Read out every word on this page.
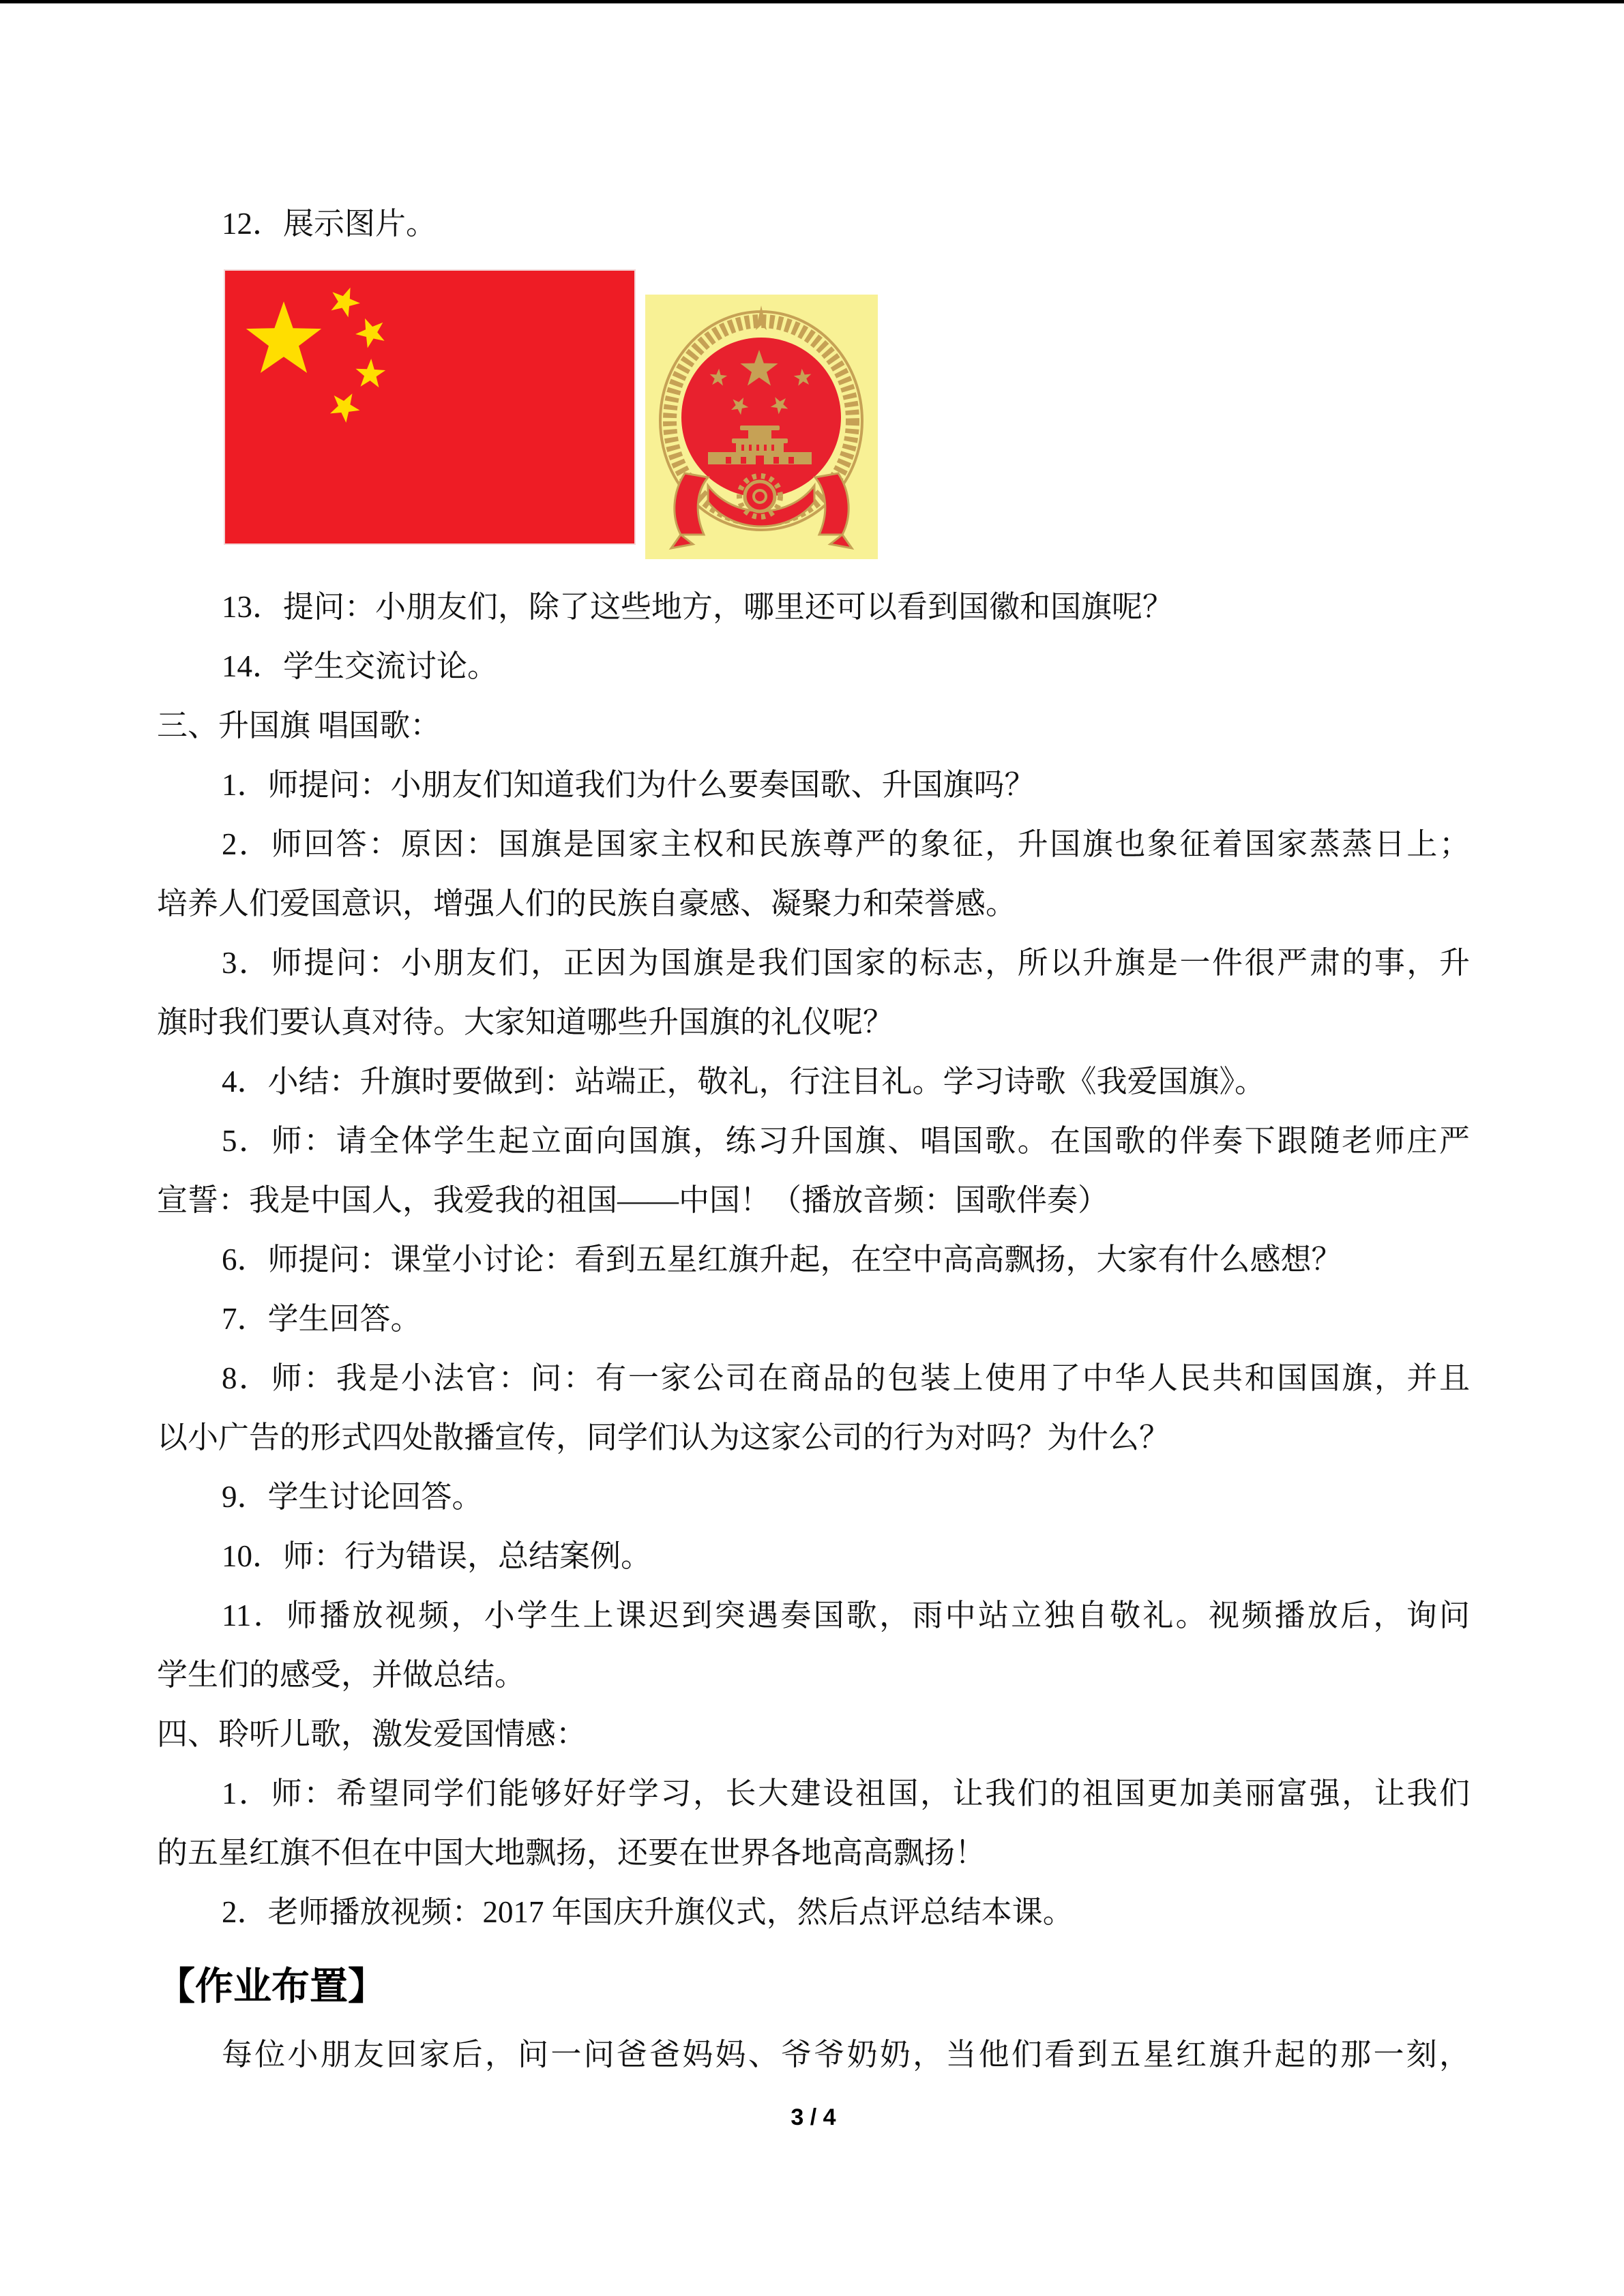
12．展示图片。
13．提问：小朋友们，除了这些地方，哪里还可以看到国徽和国旗呢？
14．学生交流讨论。
三、升国旗 唱国歌：
1．师提问：小朋友们知道我们为什么要奏国歌、升国旗吗？
2．师回答：原因：国旗是国家主权和民族尊严的象征，升国旗也象征着国家蒸蒸日上；
培养人们爱国意识，增强人们的民族自豪感、凝聚力和荣誉感。
3．师提问：小朋友们，正因为国旗是我们国家的标志，所以升旗是一件很严肃的事，升
旗时我们要认真对待。大家知道哪些升国旗的礼仪呢？
4．小结：升旗时要做到：站端正，敬礼，行注目礼。学习诗歌《我爱国旗》。
5．师：请全体学生起立面向国旗，练习升国旗、唱国歌。在国歌的伴奏下跟随老师庄严
宣誓：我是中国人，我爱我的祖国——中国！（播放音频：国歌伴奏）
6．师提问：课堂小讨论：看到五星红旗升起，在空中高高飘扬，大家有什么感想？
7．学生回答。
8．师：我是小法官：问：有一家公司在商品的包装上使用了中华人民共和国国旗，并且
以小广告的形式四处散播宣传，同学们认为这家公司的行为对吗？为什么？
9．学生讨论回答。
10．师：行为错误，总结案例。
11．师播放视频，小学生上课迟到突遇奏国歌，雨中站立独自敬礼。视频播放后，询问
学生们的感受，并做总结。
四、聆听儿歌，激发爱国情感：
1．师：希望同学们能够好好学习，长大建设祖国，让我们的祖国更加美丽富强，让我们
的五星红旗不但在中国大地飘扬，还要在世界各地高高飘扬！
2．老师播放视频：2017 年国庆升旗仪式，然后点评总结本课。
【作业布置】
每位小朋友回家后，问一问爸爸妈妈、爷爷奶奶，当他们看到五星红旗升起的那一刻，
3 / 4
